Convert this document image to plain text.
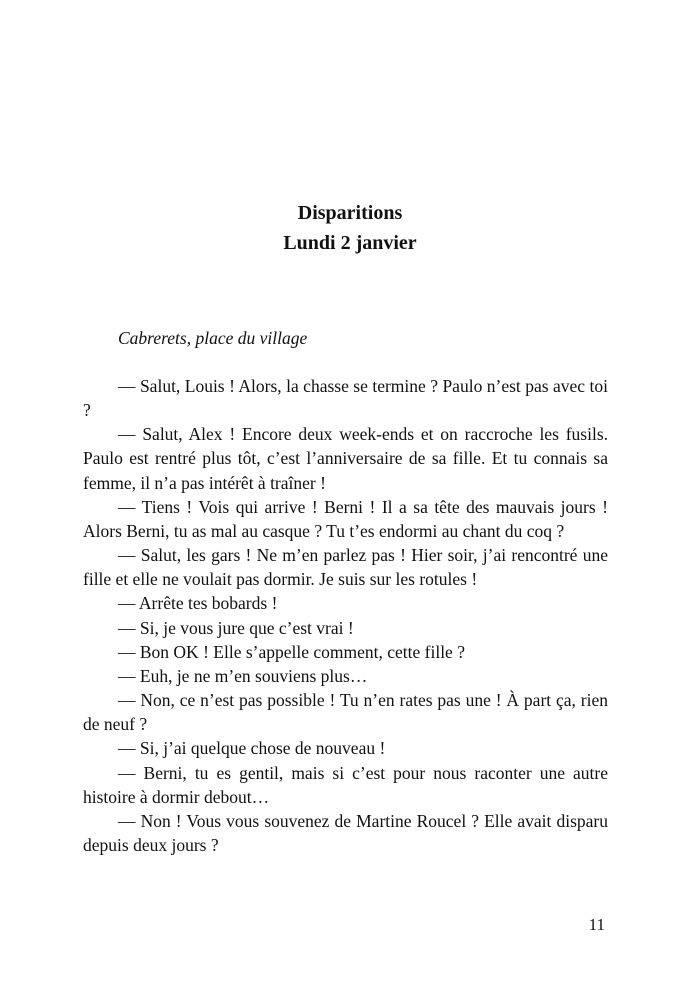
Disparitions

Lundi 2 janvier

Cabrerets, place du village

— Salut, Louis ! Alors, la chasse se termine ? Paulo n’est pas avec toi ?

— Salut, Alex ! Encore deux week-ends et on raccroche les fusils. Paulo est rentré plus tôt, c’est l’anniversaire de sa fille. Et tu connais sa femme, il n’a pas intérêt à traîner !

— Tiens ! Vois qui arrive ! Berni ! Il a sa tête des mauvais jours ! Alors Berni, tu as mal au casque ? Tu t’es endormi au chant du coq ?

— Salut, les gars ! Ne m’en parlez pas ! Hier soir, j’ai rencontré une fille et elle ne voulait pas dormir. Je suis sur les rotules !

— Arrête tes bobards !

— Si, je vous jure que c’est vrai !

— Bon OK ! Elle s’appelle comment, cette fille ?

— Euh, je ne m’en souviens plus…

— Non, ce n’est pas possible ! Tu n’en rates pas une ! À part ça, rien de neuf ?

— Si, j’ai quelque chose de nouveau !

— Berni, tu es gentil, mais si c’est pour nous raconter une autre histoire à dormir debout…

— Non ! Vous vous souvenez de Martine Roucel ? Elle avait disparu depuis deux jours ?

11
